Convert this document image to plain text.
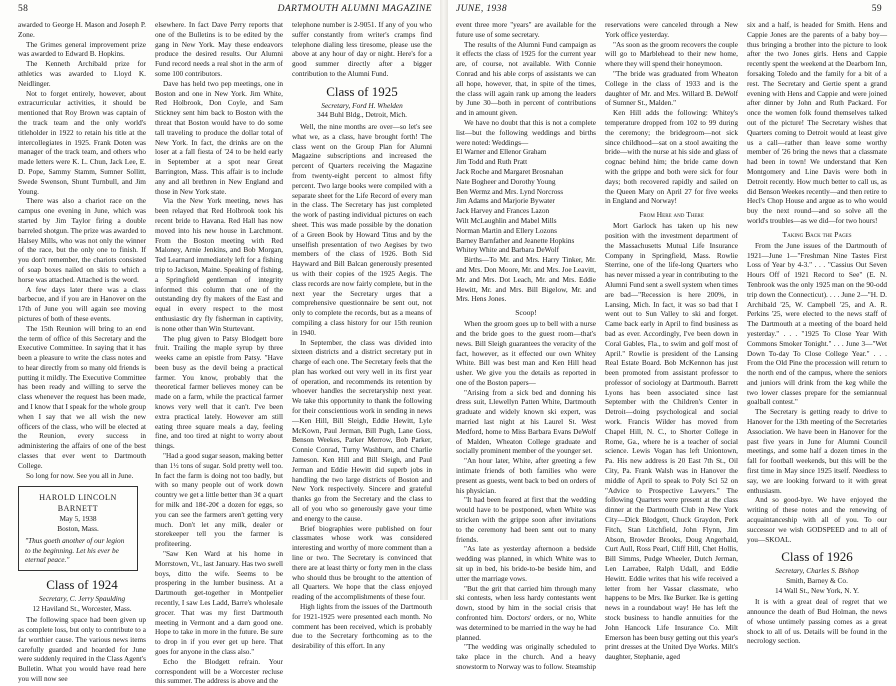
58	DARTMOUTH ALUMNI MAGAZINE

awarded to George H. Mason and Joseph P. Zone.

The Grimes general improvement prize was awarded to Edward B. Hopkins.

The Kenneth Archibald prize for athletics was awarded to Lloyd K. Neidlinger.

Not to forget entirely, however, about extracurricular activities, it should be mentioned that Roy Brown was captain of the track team and the only world's titleholder in 1922 to retain his title at the intercollegiates in 1925. Frank Doten was manager of the track team, and others who made letters were K. L. Chun, Jack Lee, E. D. Pope, Sammy Stamm, Sumner Sollitt, Swede Swenson, Shunt Turnbull, and Jim Young.

There was also a chariot race on the campus one evening in June, which was started by Jim Taylor firing a double barreled shotgun. The prize was awarded to Halsey Mills, who was not only the winner of the race, but the only one to finish. If you don't remember, the chariots consisted of soap boxes nailed on skis to which a horse was attached. Attached is the word.

A few days later there was a class barbecue, and if you are in Hanover on the 17th of June you will again see moving pictures of both of these events.

The 15th Reunion will bring to an end the term of office of this Secretary and the Executive Committee. In saying that it has been a pleasure to write the class notes and to hear directly from so many old friends is putting it mildly. The Executive Committee has been ready and willing to serve the class whenever the request has been made, and I know that I speak for the whole group when I say that we all wish the new officers of the class, who will be elected at the Reunion, every success in administering the affairs of one of the best classes that ever went to Dartmouth College.

So long for now. See you all in June.

HAROLD LINCOLN BARNETT
May 5, 1938
Boston, Mass.
"Thus goeth another of our legion to the beginning. Let his ever be eternal peace."
Class of 1924
Secretary, C. Jerry Spaulding
12 Haviland St., Worcester, Mass.

The following space had been given up as complete loss, but only to contribute to a far worthier cause. The various news items carefully guarded and hoarded for June were suddenly required in the Class Agent's Bulletin. What you would have read here you will now see

elsewhere. In fact Dave Perry reports that one of the Bulletins is to be edited by the gang in New York. May these endeavors produce the desired results. Our Alumni Fund record needs a real shot in the arm of some 100 contributors.

Dave has held two pep meetings, one in Boston and one in New York. Jim White, Red Holbrook, Don Coyle, and Sam Stickney sent him back to Boston with the threat that Boston would have to do some tall traveling to produce the dollar total of New York. In fact, the drinks are on the loser at a fall fiesta of '24 to be held early in September at a spot near Great Barrington, Mass. This affair is to include any and all brethren in New England and those in New York state.

Via the New York meeting, news has been relayed that Red Holbrook took his recent bride to Havana. Red Hall has now moved into his new house in Larchmont. From the Boston meeting with Red Maloney, Arnie Jenkins, and Bob Morgan, Ted Learnard immediately left for a fishing trip to Jackson, Maine. Speaking of fishing, a Springfield gentleman of integrity informed this column that one of the outstanding dry fly makers of the East and equal in every respect to the most enthusiastic dry fly fisherman in captivity, is none other than Win Sturtevant.

The plug given to Patsy Blodgett bore fruit. Trailing the maple syrup by three weeks came an epistle from Patsy. "Have been busy as the devil being a practical farmer. You know, probably that the theoretical farmer believes money can be made on a farm, while the practical farmer knows very well that it can't. I've been extra practical lately. However am still eating three square meals a day, feeling fine, and too tired at night to worry about things.

"Had a good sugar season, making better than 1½ tons of sugar. Sold pretty well too. In fact the farm is doing not too badly, but with so many people out of work down country we get a little better than 3¢ a quart for milk and 18¢-20¢ a dozen for eggs, so you can see the farmers aren't getting very much. Don't let any milk, dealer or storekeeper tell you the farmer is profiteering.

"Saw Ken Ward at his home in Morrstown, Vt., last January. Has two swell boys, ditto the wife. Seems to be prospering in the lumber business. At a Dartmouth get-together in Montpelier recently, I saw Les Ladd, Barre's wholesale grocer. That was my first Dartmouth meeting in Vermont and a darn good one. Hope to take in more in the future. Be sure to drop in if you ever get up here. That goes for anyone in the class also."

Echo the Blodgett refrain. Your correspondent will be a Worcester recluse this summer. The address is above and the

telephone number is 2-9051. If any of you who suffer constantly from writer's cramps find telephone dialing less tiresome, please use the above at any hour of day or night. Here's for a good summer directly after a bigger contribution to the Alumni Fund.

Class of 1925
Secretary, Ford H. Whelden
344 Buhl Bldg., Detroit, Mich.

Well, the nine months are over—so let's see what we, as a class, have brought forth! The class went on the Group Plan for Alumni Magazine subscriptions and increased the percent of Quarters receiving the Magazine from twenty-eight percent to almost fifty percent. Two large books were compiled with a separate sheet for the Life Record of every man in the class. The Secretary has just completed the work of pasting individual pictures on each sheet. This was made possible by the donation of a Green Book by Howard Titus and by the unselfish presentation of two Aegises by two members of the class of 1926. Both Sid Hayward and Bill Balcan generously presented us with their copies of the 1925 Aegis. The class records are now fairly complete, but in the next year the Secretary urges that a comprehensive questionnaire be sent out, not only to complete the records, but as a means of compiling a class history for our 15th reunion in 1940.

In September, the class was divided into sixteen districts and a district secretary put in charge of each one. The Secretary feels that the plan has worked out very well in its first year of operation, and recommends its retention by whoever handles the secretaryship next year. We take this opportunity to thank the following for their conscientious work in sending in news—Ken Hill, Bill Sleigh, Eddie Hewitt, Lyle McKown, Paul Jerman, Bill Pugh, Lane Goss, Benson Weekes, Parker Merrow, Bob Parker, Connie Conrad, Turny Washburn, and Charlie Jameson. Ken Hill and Bill Sleigh, and Paul Jerman and Eddie Hewitt did superb jobs in handling the two large districts of Boston and New York respectively. Sincere and grateful thanks go from the Secretary and the class to all of you who so generously gave your time and energy to the cause.

Brief biographies were published on four classmates whose work was considered interesting and worthy of more comment than a line or two. The Secretary is convinced that there are at least thirty or forty men in the class who should thus be brought to the attention of all Quarters. We hope that the class enjoyed reading of the accomplishments of these four.

High lights from the issues of the Dartmouth for 1921-1925 were presented each month. No comment has been received, which is probably due to the Secretary forthcoming as to the desirability of this effort. In any

JUNE, 1938	59

event three more "years" are available for the future use of some secretary.

The results of the Alumni Fund campaign as it effects the class of 1925 for the current year are, of course, not available. With Connie Conrad and his able corps of assistants we can all hope, however, that, in spite of the times, the class will again rank up among the leaders by June 30—both in percent of contributions and in amount given.

We have no doubt that this is not a complete list—but the following weddings and births were noted: Weddings—

El Warner and Ellenor Graham
Jim Todd and Ruth Pratt
Jack Roche and Margaret Brosnahan
Nate Bogheer and Dorothy Young
Ben Wermz and Mrs. Lynd Norcross
Jim Adams and Marjorie Bywater
Jack Harvey and Frances Lazon
Wilt McLaughlin and Mabel Mills
Norman Martin and Ellery Lozons
Barney Barnfather and Jeanette Hopkins
Whitey White and Barbara DeWolf

Births—To Mr. and Mrs. Harry Tinker, Mr. and Mrs. Don Moore, Mr. and Mrs. Joe Leavitt, Mr. and Mrs. Dot Leach, Mr. and Mrs. Eddie Hewitt, Mr. and Mrs. Bill Bigelow, Mr. and Mrs. Hens Jones.

Scoop!

When the groom goes up to bell with a nurse and the bride goes to the guest room—that's news. Bill Sleigh guarantees the veracity of the fact, however, as it effected our own Whitey White. Bill was best man and Ken Hill head usher. We give you the details as reported in one of the Boston papers—

"Arising from a sick bed and donning his dress suit, Llewellyn Patten White, Dartmouth graduate and widely known ski expert, was married last night at his Laurel St. West Medford, home to Miss Barbara Evans DeWolf of Malden, Wheaton College graduate and socially prominent member of the younger set.

"An hour later, White, after greeting a few intimate friends of both families who were present as guests, went back to bed on orders of his physician.

"It had been feared at first that the wedding would have to be postponed, when White was stricken with the grippe soon after invitations to the ceremony had been sent out to many friends.

"As late as yesterday afternoon a bedside wedding was planned, in which White was to sit up in bed, his bride-to-be beside him, and utter the marriage vows.

"But the grit that carried him through many ski contests, when less hardy contestants went down, stood by him in the social crisis that confronted him. Doctors' orders, or no, White was determined to be married in the way he had planned.

"The wedding was originally scheduled to take place in the church. And a heavy snowstorm to Norway was to follow. Steamship

reservations were canceled through a New York office yesterday.

"As soon as the groom recovers the couple will go to Marblehead to their new home, where they will spend their honeymoon.

"The bride was graduated from Wheaton College in the class of 1933 and is the daughter of Mr. and Mrs. Willard B. DeWolf of Sumner St., Malden."

Ken Hill adds the following: Whitey's temperature dropped from 102 to 99 during the ceremony; the bridegroom—not sick since childhood—sat on a stool awaiting the bride—with the nurse at his side and glass of cognac behind him; the bride came down with the grippe and both were sick for four days; both recovered rapidly and sailed on the Queen Mary on April 27 for five weeks in England and Norway!

From Here and There

Mort Garlock has taken up his new position with the investment department of the Massachusetts Mutual Life Insurance Company in Springfield, Mass. Rowlie Sterrine, one of the life-long Quarters who has never missed a year in contributing to the Alumni Fund sent a swell system when times are bad—"Recession is here 200%, in Lansing, Mich. In fact, it was so bad that I went out to Sun Valley to ski and forget. Came back early in April to find business as bad as ever. Accordingly, I've been down in Coral Gables, Fla., to swim and golf most of April." Rowlie is president of the Lansing Real Estate Board. Bob McKennon has just been promoted from assistant professor to professor of sociology at Dartmouth. Barrett Lyons has been associated since last September with the Children's Center in Detroit—doing psychological and social work. Francis Wilder has moved from Chapel Hill, N. C., to Shorter College in Rome, Ga., where he is a teacher of social science. Lewis Vogan has left Uniontown, Pa. His new address is 20 East 7th St., Oil City, Pa. Frank Walsh was in Hanover the middle of April to speak to Poly Sci 52 on "Advice to Prospective Lawyers." The following Quarters were present at the class dinner at the Dartmouth Club in New York City—Dick Blodgett, Chuck Graydon, Perk Fitch, Stan Litchfield, John Flynn, Jim Abson, Browder Brooks, Doug Angerhald, Curt Aull, Ross Pearl, Cliff Hill, Chet Hollis, Bill Simms, Pudge Wheeler, Dutch Jerman, Len Larrabee, Ralph Udall, and Eddie Hewitt. Eddie writes that his wife received a letter from her Vassar classmate, who happens to be Mrs. Ike Burker. Ike is getting news in a roundabout way! He has left the stock business to handle annuities for the John Hancock Life Insurance Co. Milt Emerson has been busy getting out this year's print dresses at the United Dye Works. Milt's daughter, Stephanie, aged

six and a half, is headed for Smith. Hens and Cappie Jones are the parents of a baby boy—thus bringing a brother into the picture to look after the two Jones girls. Hens and Cappie recently spent the weekend at the Dearborn Inn, forsaking Toledo and the family for a bit of a rest. The Secretary and Gertie spent a grand evening with Hens and Cappie and were joined after dinner by John and Ruth Packard. For once the women folk found themselves talked out of the picture! The Secretary wishes that Quarters coming to Detroit would at least give us a call—rather than leave some worthy member of '26 bring the news that a classmate had been in town! We understand that Ken Montgomery and Line Davis were both in Detroit recently. How much better to call us, as did Benson Weekes recently—and then retire to Hecl's Chop House and argue as to who would buy the next round—and so solve all the world's troubles—as we did—for two hours!

Taking Back the Pages

From the June issues of the Dartmouth of 1921—June 1—"Freshman Nine Tastes First Loss of Year by 4-3." . . . "Cassius Out Seven Hours Off of 1921 Record to See" (E. N. Tenbrook was the only 1925 man on the 90-odd trip down the Connecticut). . . . June 2—"H. D. Archibald '25, W. Campbell '25, and A. R. Perkins '25, were elected to the news staff of The Dartmouth at a meeting of the board held yesterday." . . . "1925 To Close Year With Commons Smoker Tonight." . . . June 3—"Wet Down To-day To Close College Year." . . . From the Old Pine the procession will return to the north end of the campus, where the seniors and juniors will drink from the keg while the two lower classes prepare for the semiannual goalball contest."

The Secretary is getting ready to drive to Hanover for the 13th meeting of the Secretaries Association. We have been in Hanover for the past five years in June for Alumni Council meetings, and some half a dozen times in the fall for football weekends, but this will be the first time in May since 1925 itself. Needless to say, we are looking forward to it with great enthusiasm.

And so good-bye. We have enjoyed the writing of these notes and the renewing of acquaintanceship with all of you. To our successor we wish GODSPEED and to all of you—SKOAL.

Class of 1926
Secretary, Charles S. Bishop
Smith, Barney & Co.
14 Wall St., New York, N. Y.

It is with a great deal of regret that we announce the death of Bud Holman, the news of whose untimely passing comes as a great shock to all of us. Details will be found in the necrology section.
